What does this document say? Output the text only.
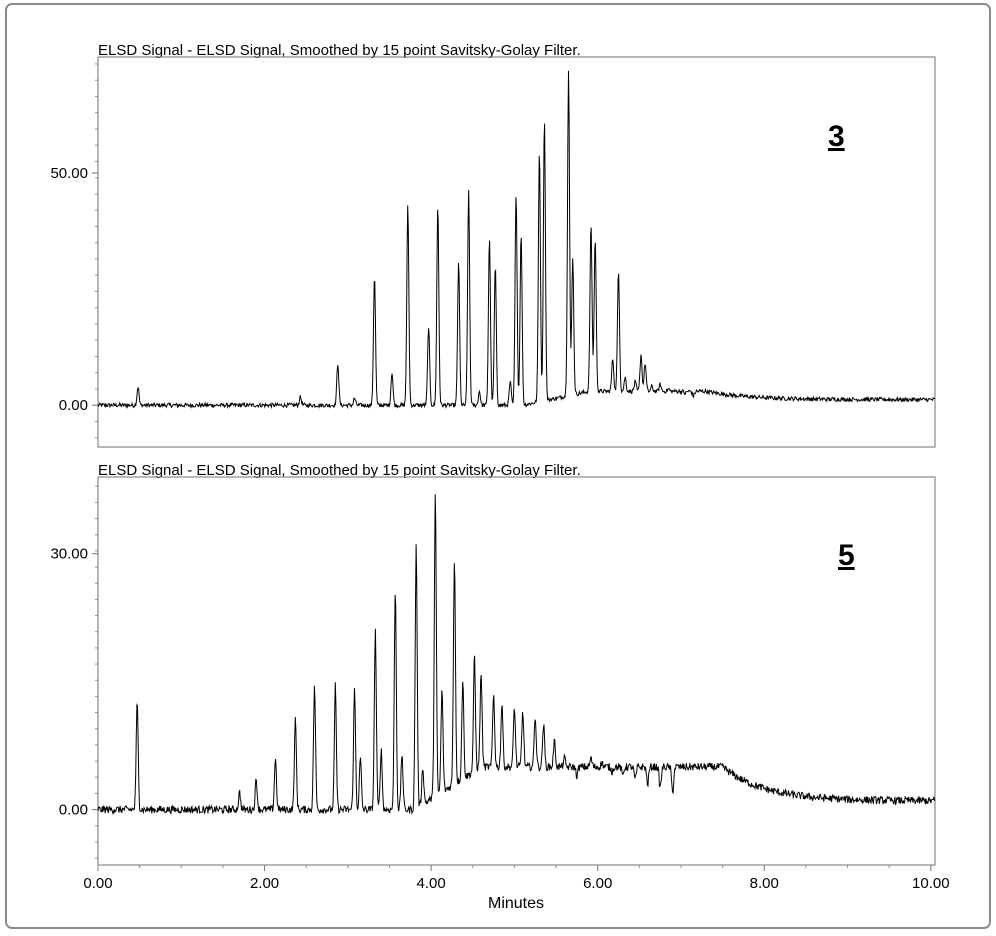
ELSD Signal - ELSD Signal, Smoothed by 15 point Savitsky-Golay Filter.
3
0.00
50.00
ELSD Signal - ELSD Signal, Smoothed by 15 point Savitsky-Golay Filter.
5
0.00
30.00
0.00	2.00	4.00	6.00	8.00	10.00
Minutes
